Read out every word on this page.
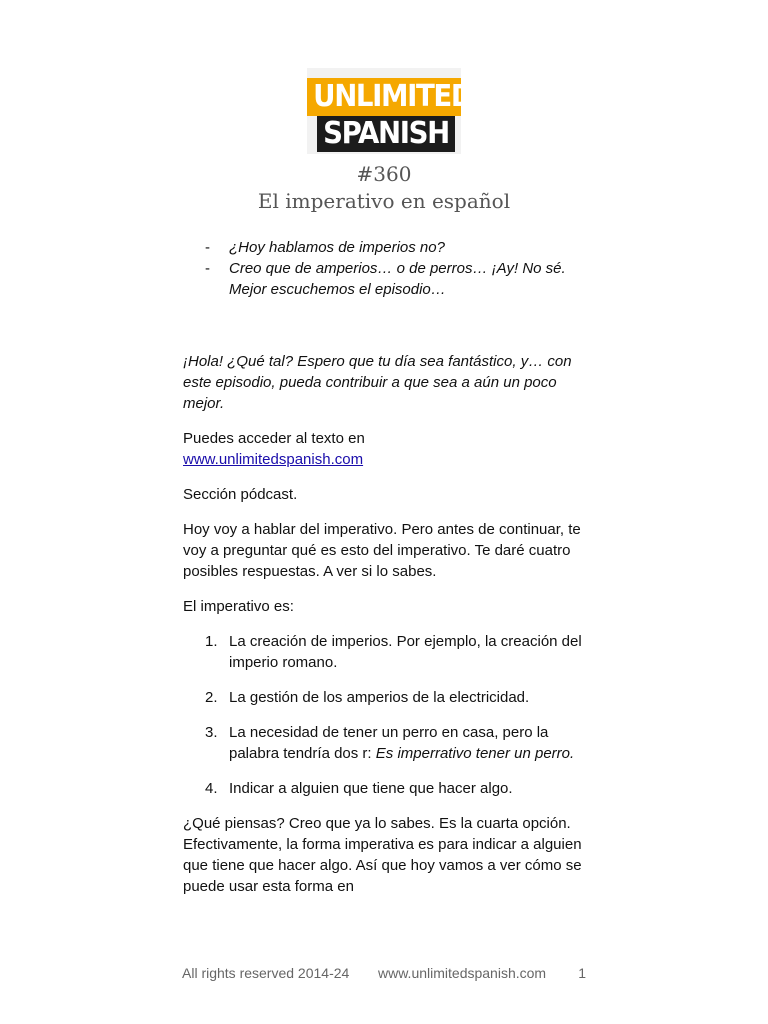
UNLIMITED
SPANISH
#360
El imperativo en español
- ¿Hoy hablamos de imperios no?
- Creo que de amperios… o de perros… ¡Ay! No sé. Mejor escuchemos el episodio…

¡Hola! ¿Qué tal? Espero que tu día sea fantástico, y… con este episodio, pueda contribuir a que sea a aún un poco mejor.

Puedes acceder al texto en
www.unlimitedspanish.com

Sección pódcast.

Hoy voy a hablar del imperativo. Pero antes de continuar, te voy a preguntar qué es esto del imperativo. Te daré cuatro posibles respuestas. A ver si lo sabes.

El imperativo es:

1. La creación de imperios. Por ejemplo, la creación del imperio romano.
2. La gestión de los amperios de la electricidad.
3. La necesidad de tener un perro en casa, pero la palabra tendría dos r: Es imperrativo tener un perro.
4. Indicar a alguien que tiene que hacer algo.

¿Qué piensas? Creo que ya lo sabes. Es la cuarta opción. Efectivamente, la forma imperativa es para indicar a alguien que tiene que hacer algo. Así que hoy vamos a ver cómo se puede usar esta forma en

All rights reserved 2014-24 www.unlimitedspanish.com 1
